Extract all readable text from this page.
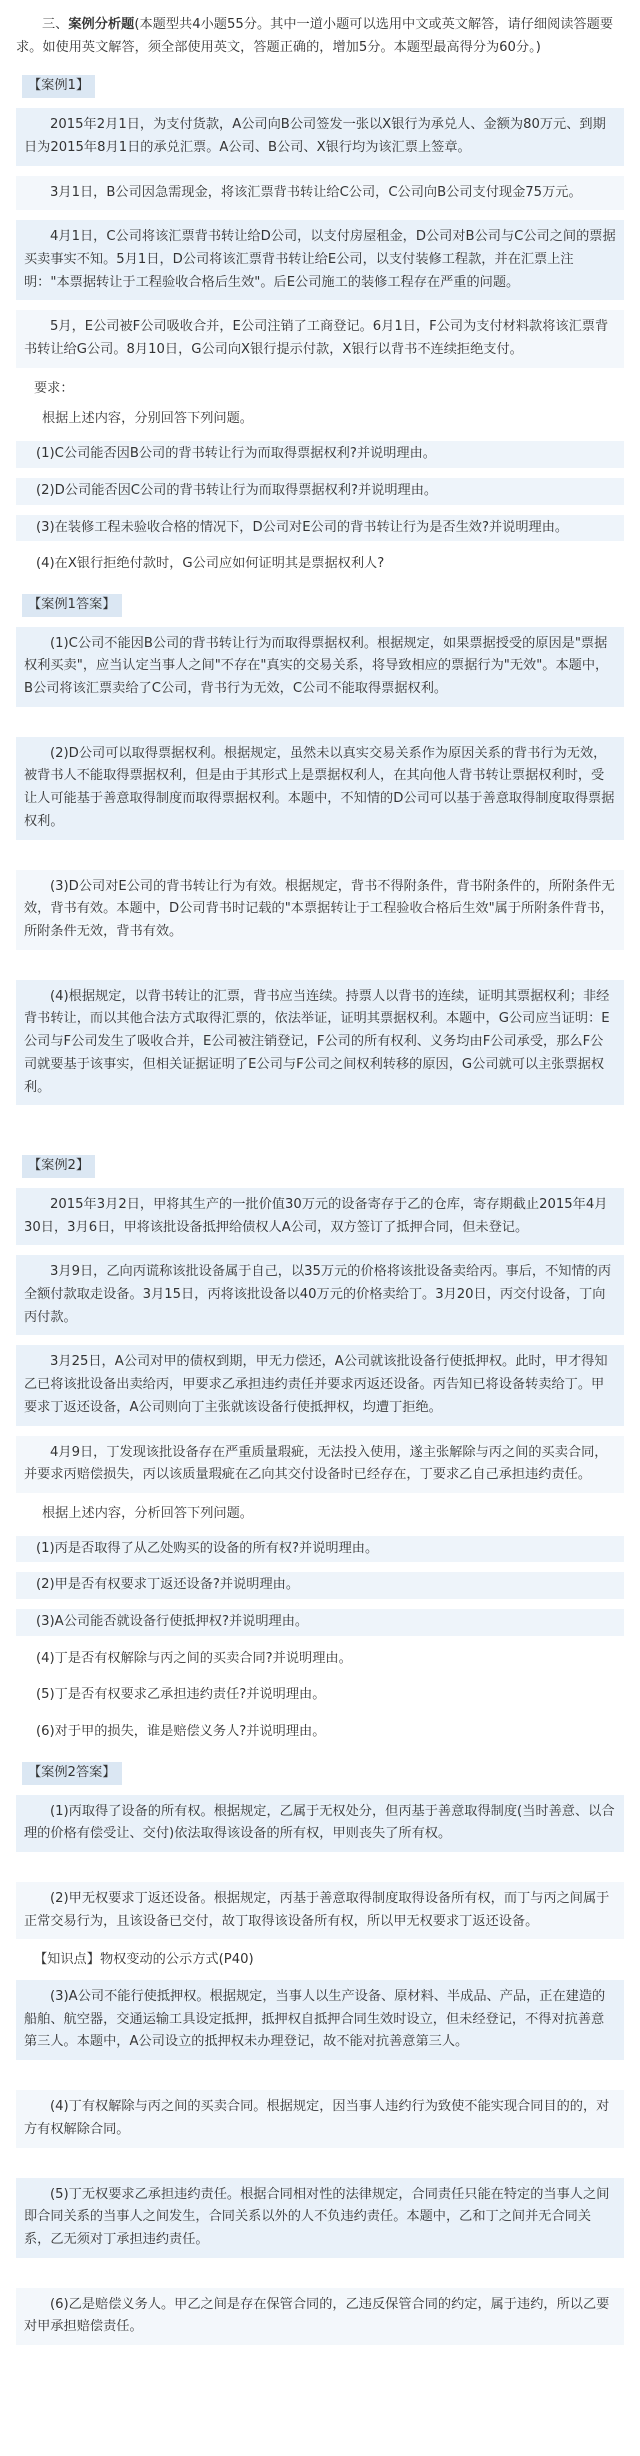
三、案例分析题(本题型共4小题55分。其中一道小题可以选用中文或英文解答，请仔细阅读答题要求。如使用英文解答，须全部使用英文，答题正确的，增加5分。本题型最高得分为60分。)

【案例1】

2015年2月1日，为支付货款，A公司向B公司签发一张以X银行为承兑人、金额为80万元、到期日为2015年8月1日的承兑汇票。A公司、B公司、X银行均为该汇票上签章。

3月1日，B公司因急需现金，将该汇票背书转让给C公司，C公司向B公司支付现金75万元。

4月1日，C公司将该汇票背书转让给D公司，以支付房屋租金，D公司对B公司与C公司之间的票据买卖事实不知。5月1日，D公司将该汇票背书转让给E公司，以支付装修工程款，并在汇票上注明："本票据转让于工程验收合格后生效"。后E公司施工的装修工程存在严重的问题。

5月，E公司被F公司吸收合并，E公司注销了工商登记。6月1日，F公司为支付材料款将该汇票背书转让给G公司。8月10日，G公司向X银行提示付款，X银行以背书不连续拒绝支付。

要求：

根据上述内容，分别回答下列问题。

(1)C公司能否因B公司的背书转让行为而取得票据权利?并说明理由。
(2)D公司能否因C公司的背书转让行为而取得票据权利?并说明理由。
(3)在装修工程未验收合格的情况下，D公司对E公司的背书转让行为是否生效?并说明理由。
(4)在X银行拒绝付款时，G公司应如何证明其是票据权利人?
【案例1答案】

(1)C公司不能因B公司的背书转让行为而取得票据权利。根据规定，如果票据授受的原因是"票据权利买卖"，应当认定当事人之间"不存在"真实的交易关系，将导致相应的票据行为"无效"。本题中，B公司将该汇票卖给了C公司，背书行为无效，C公司不能取得票据权利。

(2)D公司可以取得票据权利。根据规定，虽然未以真实交易关系作为原因关系的背书行为无效，被背书人不能取得票据权利，但是由于其形式上是票据权利人，在其向他人背书转让票据权利时，受让人可能基于善意取得制度而取得票据权利。本题中，不知情的D公司可以基于善意取得制度取得票据权利。

(3)D公司对E公司的背书转让行为有效。根据规定，背书不得附条件，背书附条件的，所附条件无效，背书有效。本题中，D公司背书时记载的"本票据转让于工程验收合格后生效"属于所附条件背书，所附条件无效，背书有效。

(4)根据规定，以背书转让的汇票，背书应当连续。持票人以背书的连续，证明其票据权利；非经背书转让，而以其他合法方式取得汇票的，依法举证，证明其票据权利。本题中，G公司应当证明：E公司与F公司发生了吸收合并，E公司被注销登记，F公司的所有权利、义务均由F公司承受，那么F公司就要基于该事实，但相关证据证明了E公司与F公司之间权利转移的原因，G公司就可以主张票据权利。

【案例2】

2015年3月2日，甲将其生产的一批价值30万元的设备寄存于乙的仓库，寄存期截止2015年4月30日，3月6日，甲将该批设备抵押给债权人A公司，双方签订了抵押合同，但未登记。

3月9日，乙向丙谎称该批设备属于自己，以35万元的价格将该批设备卖给丙。事后，不知情的丙全额付款取走设备。3月15日，丙将该批设备以40万元的价格卖给丁。3月20日，丙交付设备，丁向丙付款。

3月25日，A公司对甲的债权到期，甲无力偿还，A公司就该批设备行使抵押权。此时，甲才得知乙已将该批设备出卖给丙，甲要求乙承担违约责任并要求丙返还设备。丙告知已将设备转卖给丁。甲要求丁返还设备，A公司则向丁主张就该设备行使抵押权，均遭丁拒绝。

4月9日，丁发现该批设备存在严重质量瑕疵，无法投入使用，遂主张解除与丙之间的买卖合同，并要求丙赔偿损失，丙以该质量瑕疵在乙向其交付设备时已经存在，丁要求乙自己承担违约责任。

根据上述内容，分析回答下列问题。

(1)丙是否取得了从乙处购买的设备的所有权?并说明理由。
(2)甲是否有权要求丁返还设备?并说明理由。
(3)A公司能否就设备行使抵押权?并说明理由。
(4)丁是否有权解除与丙之间的买卖合同?并说明理由。
(5)丁是否有权要求乙承担违约责任?并说明理由。
(6)对于甲的损失，谁是赔偿义务人?并说明理由。
【案例2答案】

(1)丙取得了设备的所有权。根据规定，乙属于无权处分，但丙基于善意取得制度(当时善意、以合理的价格有偿受让、交付)依法取得该设备的所有权，甲则丧失了所有权。

(2)甲无权要求丁返还设备。根据规定，丙基于善意取得制度取得设备所有权，而丁与丙之间属于正常交易行为，且该设备已交付，故丁取得该设备所有权，所以甲无权要求丁返还设备。

【知识点】物权变动的公示方式(P40)

(3)A公司不能行使抵押权。根据规定，当事人以生产设备、原材料、半成品、产品，正在建造的船舶、航空器，交通运输工具设定抵押，抵押权自抵押合同生效时设立，但未经登记，不得对抗善意第三人。本题中，A公司设立的抵押权未办理登记，故不能对抗善意第三人。

(4)丁有权解除与丙之间的买卖合同。根据规定，因当事人违约行为致使不能实现合同目的的，对方有权解除合同。

(5)丁无权要求乙承担违约责任。根据合同相对性的法律规定，合同责任只能在特定的当事人之间即合同关系的当事人之间发生，合同关系以外的人不负违约责任。本题中，乙和丁之间并无合同关系，乙无须对丁承担违约责任。

(6)乙是赔偿义务人。甲乙之间是存在保管合同的，乙违反保管合同的约定，属于违约，所以乙要对甲承担赔偿责任。
